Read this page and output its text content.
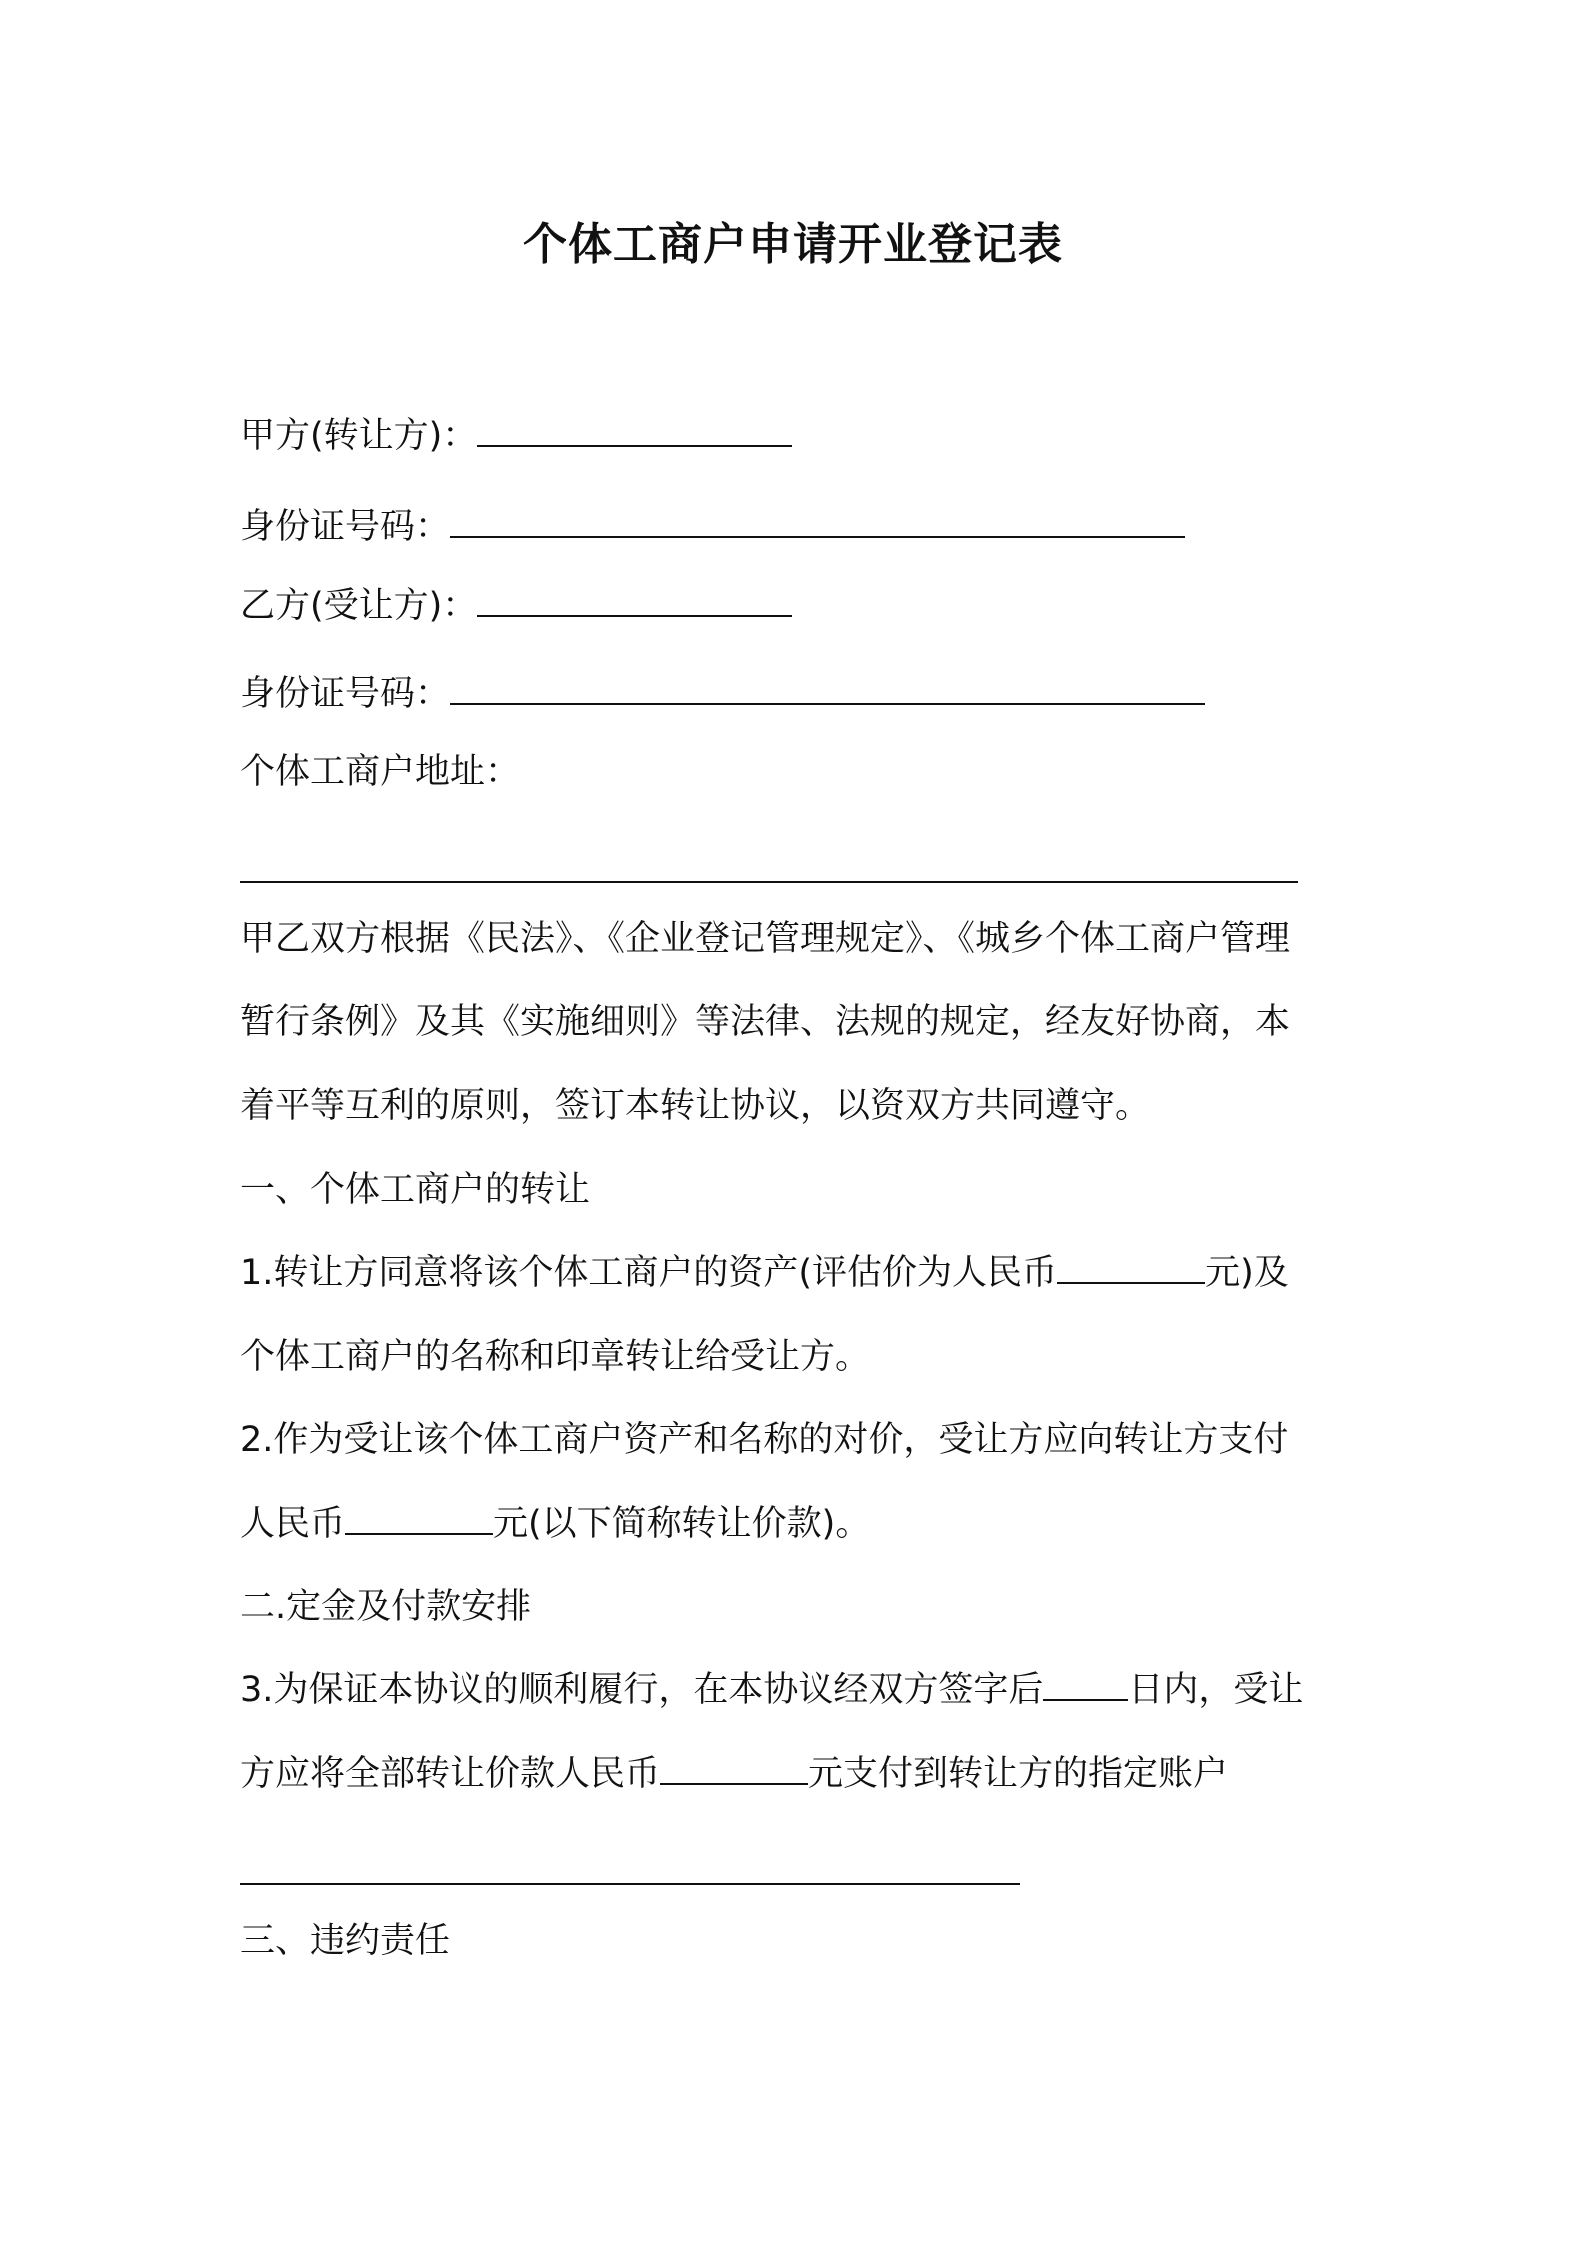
个体工商户申请开业登记表
甲方(转让方)：
身份证号码：
乙方(受让方)：
身份证号码：
个体工商户地址：
甲乙双方根据《民法》、《企业登记管理规定》、《城乡个体工商户管理
暂行条例》及其《实施细则》等法律、法规的规定，经友好协商，本
着平等互利的原则，签订本转让协议，以资双方共同遵守。
一、个体工商户的转让
1.转让方同意将该个体工商户的资产(评估价为人民币	元)及
个体工商户的名称和印章转让给受让方。
2.作为受让该个体工商户资产和名称的对价，受让方应向转让方支付
人民币	元(以下简称转让价款)。
二.定金及付款安排
3.为保证本协议的顺利履行，在本协议经双方签字后 日内，受让
方应将全部转让价款人民币	元支付到转让方的指定账户
三、违约责任
